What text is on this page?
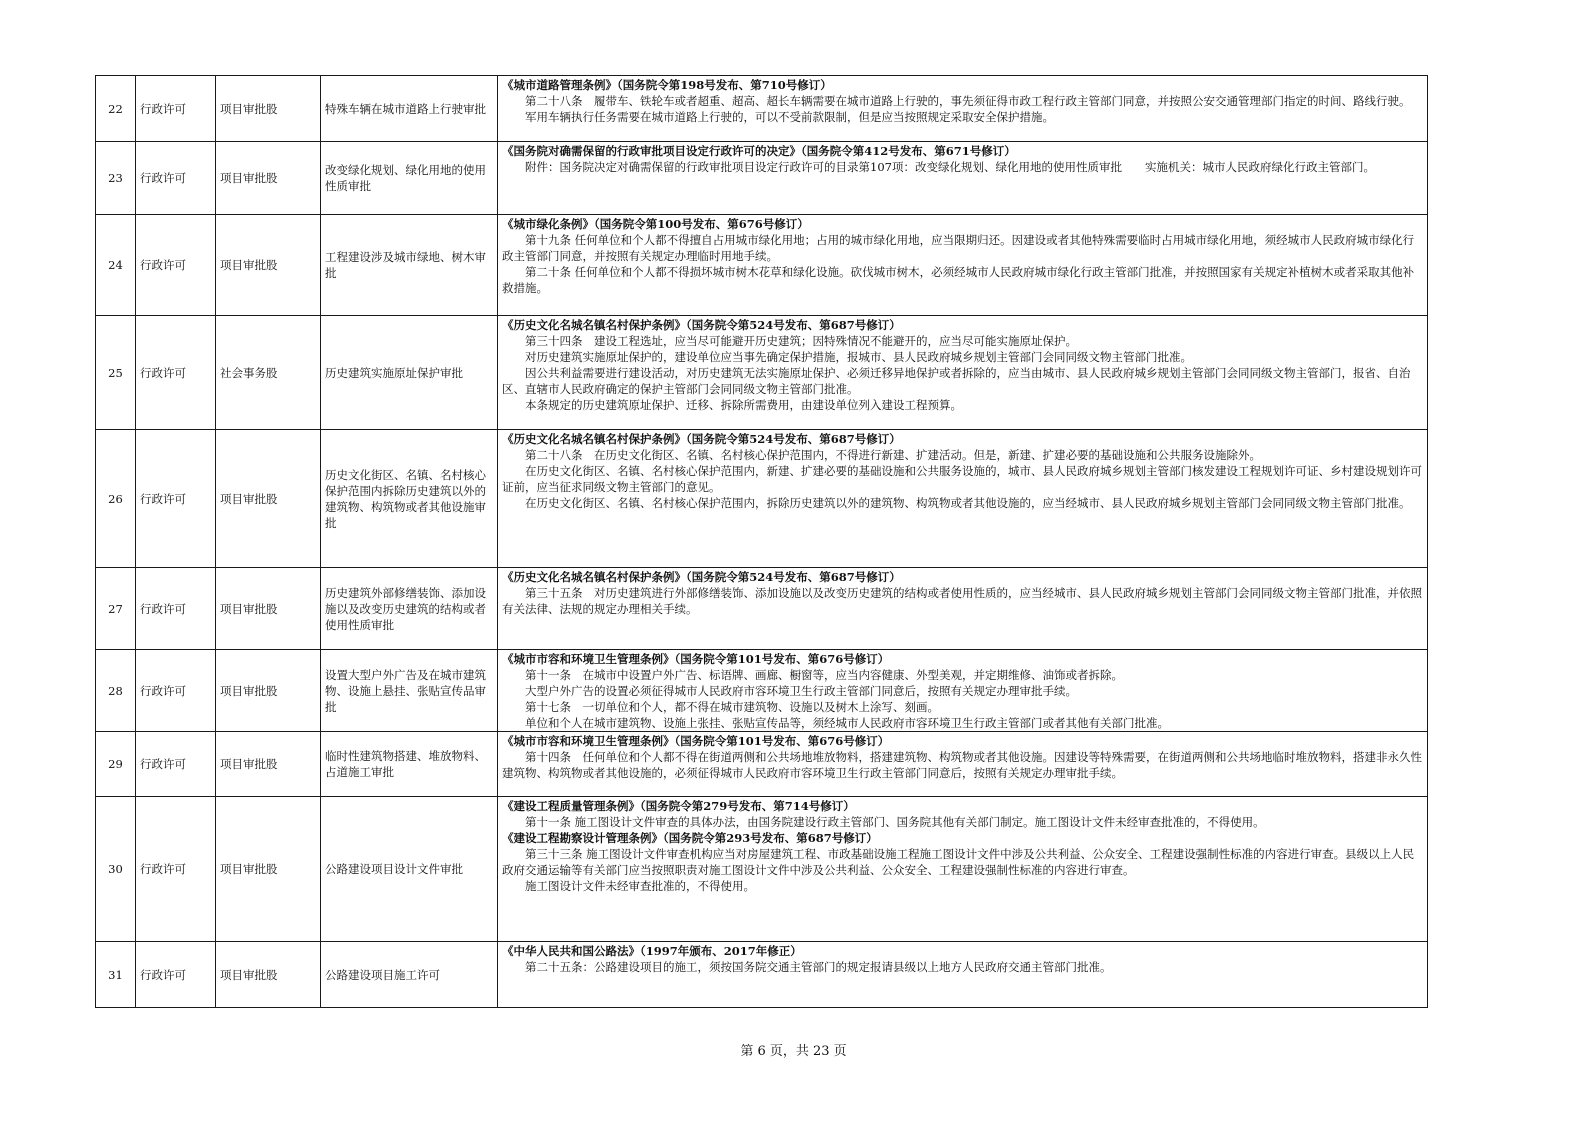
22	行政许可	项目审批股	特殊车辆在城市道路上行驶审批	《城市道路管理条例》（国务院令第198号发布、第710号修订）
第二十八条　履带车、铁轮车或者超重、超高、超长车辆需要在城市道路上行驶的，事先须征得市政工程行政主管部门同意，并按照公安交通管理部门指定的时间、路线行驶。
军用车辆执行任务需要在城市道路上行驶的，可以不受前款限制，但是应当按照规定采取安全保护措施。

23	行政许可	项目审批股	改变绿化规划、绿化用地的使用性质审批	《国务院对确需保留的行政审批项目设定行政许可的决定》（国务院令第412号发布、第671号修订）
附件：国务院决定对确需保留的行政审批项目设定行政许可的目录第107项：改变绿化规划、绿化用地的使用性质审批　　实施机关：城市人民政府绿化行政主管部门。

24	行政许可	项目审批股	工程建设涉及城市绿地、树木审批	《城市绿化条例》（国务院令第100号发布、第676号修订）
第十九条 任何单位和个人都不得擅自占用城市绿化用地；占用的城市绿化用地，应当限期归还。因建设或者其他特殊需要临时占用城市绿化用地，须经城市人民政府城市绿化行政主管部门同意，并按照有关规定办理临时用地手续。
第二十条 任何单位和个人都不得损坏城市树木花草和绿化设施。砍伐城市树木，必须经城市人民政府城市绿化行政主管部门批准，并按照国家有关规定补植树木或者采取其他补救措施。

25	行政许可	社会事务股	历史建筑实施原址保护审批	《历史文化名城名镇名村保护条例》（国务院令第524号发布、第687号修订）
第三十四条　建设工程选址，应当尽可能避开历史建筑；因特殊情况不能避开的，应当尽可能实施原址保护。
对历史建筑实施原址保护的，建设单位应当事先确定保护措施，报城市、县人民政府城乡规划主管部门会同同级文物主管部门批准。
因公共利益需要进行建设活动，对历史建筑无法实施原址保护、必须迁移异地保护或者拆除的，应当由城市、县人民政府城乡规划主管部门会同同级文物主管部门，报省、自治区、直辖市人民政府确定的保护主管部门会同同级文物主管部门批准。
本条规定的历史建筑原址保护、迁移、拆除所需费用，由建设单位列入建设工程预算。

26	行政许可	项目审批股	历史文化街区、名镇、名村核心保护范围内拆除历史建筑以外的建筑物、构筑物或者其他设施审批	《历史文化名城名镇名村保护条例》（国务院令第524号发布、第687号修订）
第二十八条　在历史文化街区、名镇、名村核心保护范围内，不得进行新建、扩建活动。但是，新建、扩建必要的基础设施和公共服务设施除外。
在历史文化街区、名镇、名村核心保护范围内，新建、扩建必要的基础设施和公共服务设施的，城市、县人民政府城乡规划主管部门核发建设工程规划许可证、乡村建设规划许可证前，应当征求同级文物主管部门的意见。
在历史文化街区、名镇、名村核心保护范围内，拆除历史建筑以外的建筑物、构筑物或者其他设施的，应当经城市、县人民政府城乡规划主管部门会同同级文物主管部门批准。

27	行政许可	项目审批股	历史建筑外部修缮装饰、添加设施以及改变历史建筑的结构或者使用性质审批	《历史文化名城名镇名村保护条例》（国务院令第524号发布、第687号修订）
第三十五条　对历史建筑进行外部修缮装饰、添加设施以及改变历史建筑的结构或者使用性质的，应当经城市、县人民政府城乡规划主管部门会同同级文物主管部门批准，并依照有关法律、法规的规定办理相关手续。

28	行政许可	项目审批股	设置大型户外广告及在城市建筑物、设施上悬挂、张贴宣传品审批	《城市市容和环境卫生管理条例》（国务院令第101号发布、第676号修订）
第十一条　在城市中设置户外广告、标语牌、画廊、橱窗等，应当内容健康、外型美观，并定期维修、油饰或者拆除。
大型户外广告的设置必须征得城市人民政府市容环境卫生行政主管部门同意后，按照有关规定办理审批手续。
第十七条　一切单位和个人，都不得在城市建筑物、设施以及树木上涂写、刻画。
单位和个人在城市建筑物、设施上张挂、张贴宣传品等，须经城市人民政府市容环境卫生行政主管部门或者其他有关部门批准。

29	行政许可	项目审批股	临时性建筑物搭建、堆放物料、占道施工审批	《城市市容和环境卫生管理条例》（国务院令第101号发布、第676号修订）
第十四条　任何单位和个人都不得在街道两侧和公共场地堆放物料，搭建建筑物、构筑物或者其他设施。因建设等特殊需要，在街道两侧和公共场地临时堆放物料，搭建非永久性建筑物、构筑物或者其他设施的，必须征得城市人民政府市容环境卫生行政主管部门同意后，按照有关规定办理审批手续。

30	行政许可	项目审批股	公路建设项目设计文件审批	《建设工程质量管理条例》（国务院令第279号发布、第714号修订）
第十一条 施工图设计文件审查的具体办法，由国务院建设行政主管部门、国务院其他有关部门制定。施工图设计文件未经审查批准的，不得使用。
《建设工程勘察设计管理条例》（国务院令第293号发布、第687号修订）
第三十三条 施工图设计文件审查机构应当对房屋建筑工程、市政基础设施工程施工图设计文件中涉及公共利益、公众安全、工程建设强制性标准的内容进行审查。县级以上人民政府交通运输等有关部门应当按照职责对施工图设计文件中涉及公共利益、公众安全、工程建设强制性标准的内容进行审查。
施工图设计文件未经审查批准的，不得使用。

31	行政许可	项目审批股	公路建设项目施工许可	《中华人民共和国公路法》（1997年颁布、2017年修正）
第二十五条：公路建设项目的施工，须按国务院交通主管部门的规定报请县级以上地方人民政府交通主管部门批准。
第 6 页，共 23 页
